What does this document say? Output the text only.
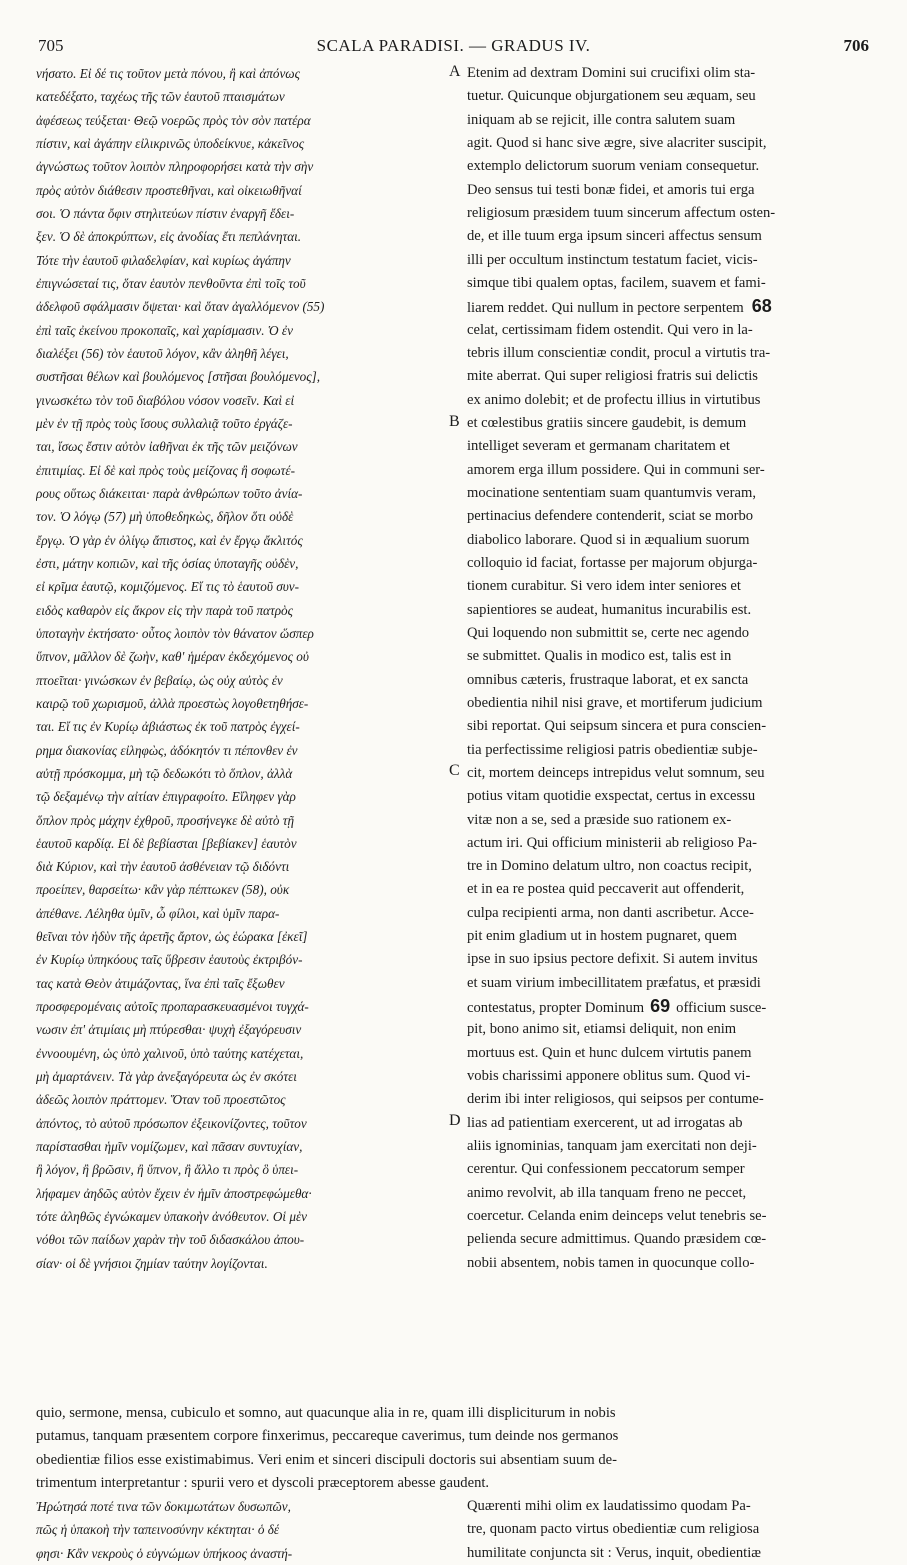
705	SCALA PARADISI. — GRADUS IV.	706
νήσατο. Εἰ δέ τις τοῦτον μετὰ πόνου, ἢ καὶ ἀπόνως
κατεδέξατο, ταχέως τῆς τῶν ἑαυτοῦ πταισμάτων
ἀφέσεως τεύξεται· Θεῷ νοερῶς πρὸς τὸν σὸν πατέρα
πίστιν, καὶ ἀγάπην εἰλικρινῶς ὑποδείκνυε, κἀκεῖνος
ἀγνώστως τοῦτον λοιπὸν πληροφορήσει κατὰ τὴν σὴν
πρὸς αὐτὸν διάθεσιν προστεθῆναι, καὶ οἰκειωθῆναί
σοι. Ὁ πάντα ὄφιν στηλιτεύων πίστιν ἐναργῆ ἔδει-
ξεν. Ὁ δὲ ἀποκρύπτων, εἰς ἀνοδίας ἔτι πεπλάνηται.
Τότε τὴν ἑαυτοῦ φιλαδελφίαν, καὶ κυρίως ἀγάπην
ἐπιγνώσεταί τις, ὅταν ἑαυτὸν πενθοῦντα ἐπὶ τοῖς τοῦ
ἀδελφοῦ σφάλμασιν ὄψεται· καὶ ὅταν ἀγαλλόμενον (55)
ἐπὶ ταῖς ἐκείνου προκοπαῖς, καὶ χαρίσμασιν. Ὁ ἐν
διαλέξει (56) τὸν ἑαυτοῦ λόγον, κἂν ἀληθῆ λέγει,
συστῆσαι θέλων καὶ βουλόμενος [στῆσαι βουλόμενος],
γινωσκέτω τὸν τοῦ διαβόλου νόσον νοσεῖν. Καὶ εἰ
μὲν ἐν τῇ πρὸς τοὺς ἴσους συλλαλιᾷ τοῦτο ἐργάζε-
ται, ἴσως ἔστιν αὐτὸν ἰαθῆναι ἐκ τῆς τῶν μειζόνων
ἐπιτιμίας. Εἰ δὲ καὶ πρὸς τοὺς μείζονας ἢ σοφωτέ-
ρους οὕτως διάκειται· παρὰ ἀνθρώπων τοῦτο ἀνία-
τον. Ὁ λόγῳ (57) μὴ ὑποθεδηκὼς, δῆλον ὅτι οὐδὲ
ἔργῳ. Ὁ γὰρ ἐν ὀλίγῳ ἄπιστος, καὶ ἐν ἔργῳ ἄκλιτός
ἐστι, μάτην κοπιῶν, καὶ τῆς ὁσίας ὑποταγῆς οὐδὲν,
εἰ κρῖμα ἑαυτῷ, κομιζόμενος. Εἴ τις τὸ ἑαυτοῦ συν-
ειδὸς καθαρὸν εἰς ἄκρον εἰς τὴν παρὰ τοῦ πατρὸς
ὑποταγὴν ἐκτήσατο· οὗτος λοιπὸν τὸν θάνατον ὥσπερ
ὕπνον, μᾶλλον δὲ ζωὴν, καθ' ἡμέραν ἐκδεχόμενος οὐ
πτοεῖται· γινώσκων ἐν βεβαίῳ, ὡς οὐχ αὐτὸς ἐν
καιρῷ τοῦ χωρισμοῦ, ἀλλὰ προεστὼς λογοθετηθήσε-
ται. Εἴ τις ἐν Κυρίῳ ἀβιάστως ἐκ τοῦ πατρὸς ἐγχεί-
ρημα διακονίας εἰληφὼς, ἀδόκητόν τι πέπονθεν ἐν
αὐτῇ πρόσκομμα, μὴ τῷ δεδωκότι τὸ ὅπλον, ἀλλὰ
τῷ δεξαμένῳ τὴν αἰτίαν ἐπιγραφοίτο. Εἴληφεν γὰρ
ὅπλον πρὸς μάχην ἐχθροῦ, προσήνεγκε δὲ αὐτὸ τῇ
ἑαυτοῦ καρδίᾳ. Εἰ δὲ βεβίασται [βεβίακεν] ἑαυτὸν
διὰ Κύριον, καὶ τὴν ἑαυτοῦ ἀσθένειαν τῷ διδόντι
προείπεν, θαρσείτω· κἂν γὰρ πέπτωκεν (58), οὐκ
ἀπέθανε. Λέληθα ὑμῖν, ὦ φίλοι, καὶ ὑμῖν παρα-
θεῖναι τὸν ἡδὺν τῆς ἀρετῆς ἄρτον, ὡς ἑώρακα [ἐκεῖ]
ἐν Κυρίῳ ὑπηκόους ταῖς ὕβρεσιν ἑαυτοὺς ἐκτριβόν-
τας κατὰ Θεὸν ἀτιμάζοντας, ἵνα ἐπὶ ταῖς ἔξωθεν
προσφερομέναις αὐτοῖς προπαρασκευασμένοι τυγχά-
νωσιν ἐπ' ἀτιμίαις μὴ πτύρεσθαι· ψυχὴ ἐξαγόρευσιν
ἐννοουμένη, ὡς ὑπὸ χαλινοῦ, ὑπὸ ταύτης κατέχεται,
μὴ ἁμαρτάνειν. Τὰ γὰρ ἀνεξαγόρευτα ὡς ἐν σκότει
ἀδεῶς λοιπὸν πράττομεν. Ὅταν τοῦ προεστῶτος
ἀπόντος, τὸ αὐτοῦ πρόσωπον ἐξεικονίζοντες, τοῦτον
παρίστασθαι ἡμῖν νομίζωμεν, καὶ πᾶσαν συντυχίαν,
ἢ λόγον, ἢ βρῶσιν, ἢ ὕπνον, ἢ ἄλλο τι πρὸς ὃ ὑπει-
λήφαμεν ἀηδῶς αὐτὸν ἔχειν ἐν ἡμῖν ἀποστρεφώμεθα·
τότε ἀληθῶς ἐγνώκαμεν ὑπακοὴν ἀνόθευτον. Οἱ μὲν
νόθοι τῶν παίδων χαρὰν τὴν τοῦ διδασκάλου ἀπου-
σίαν· οἱ δὲ γνήσιοι ζημίαν ταύτην λογίζονται.
Etenim ad dextram Domini sui crucifixi olim sta-
tuetur. Quicunque objurgationem seu æquam, seu
iniquam ab se rejicit, ille contra salutem suam
agit. Quod si hanc sive ægre, sive alacriter suscipit,
extemplo delictorum suorum veniam consequetur.
Deo sensus tui testi bonæ fidei, et amoris tui erga
religiosum præsidem tuum sincerum affectum osten-
de, et ille tuum erga ipsum sinceri affectus sensum
illi per occultum instinctum testatum faciet, vicis-
simque tibi qualem optas, facilem, suavem et fami-
liarem reddet. Qui nullum in pectore serpentem 68
celat, certissimam fidem ostendit. Qui vero in la-
tebris illum conscientiæ condit, procul a virtutis tra-
mite aberrat. Qui super religiosi fratris sui delictis
ex animo dolebit; et de profectu illius in virtutibus
et cœlestibus gratiis sincere gaudebit, is demum
intelliget severam et germanam charitatem et
amorem erga illum possidere. Qui in communi ser-
mocinatione sententiam suam quantumvis veram,
pertinacius defendere contenderit, sciat se morbo
diabolico laborare. Quod si in æqualium suorum
colloquio id faciat, fortasse per majorum objurga-
tionem curabitur. Si vero idem inter seniores et
sapientiores se audeat, humanitus incurabilis est.
Qui loquendo non submittit se, certe nec agendo
se submittet. Qualis in modico est, talis est in
omnibus cæteris, frustraque laborat, et ex sancta
obedientia nihil nisi grave, et mortiferum judicium
sibi reportat. Qui seipsum sincera et pura conscien-
tia perfectissime religiosi patris obedientiæ subje-
cit, mortem deinceps intrepidus velut somnum, seu
potius vitam quotidie exspectat, certus in excessu
vitæ non a se, sed a præside suo rationem ex-
actum iri. Qui officium ministerii ab religioso Pa-
tre in Domino delatum ultro, non coactus recipit,
et in ea re postea quid peccaverit aut offenderit,
culpa recipienti arma, non danti ascribetur. Acce-
pit enim gladium ut in hostem pugnaret, quem
ipse in suo ipsius pectore defixit. Si autem invitus
et suam virium imbecillitatem præfatus, et præsidi
contestatus, propter Dominum 69 officium susce-
pit, bono animo sit, etiamsi deliquit, non enim
mortuus est. Quin et hunc dulcem virtutis panem
vobis charissimi apponere oblitus sum. Quod vi-
derim ibi inter religiosos, qui seipsos per contume-
lias ad patientiam exercerent, ut ad irrogatas ab
aliis ignominias, tanquam jam exercitati non deji-
cerentur. Qui confessionem peccatorum semper
animo revolvit, ab illa tanquam freno ne peccet,
coercetur. Celanda enim deinceps velut tenebris se-
pelienda secure admittimus. Quando præsidem cœ-
nobii absentem, nobis tamen in quocunque collo-
A
B
C
D
quio, sermone, mensa, cubiculo et somno, aut quacunque alia in re, quam illi displiciturum in nobis
putamus, tanquam præsentem corpore finxerimus, peccareque caverimus, tum deinde nos germanos
obedientiæ filios esse existimabimus. Veri enim et sinceri discipuli doctoris sui absentiam suum de-
trimentum interpretantur : spurii vero et dyscoli præceptorem abesse gaudent.
Ἠρώτησά ποτέ τινα τῶν δοκιμωτάτων δυσωπῶν,
πῶς ἡ ὑπακοὴ τὴν ταπεινοσύνην κέκτηται· ὁ δέ
φησι· Κἂν νεκροὺς ὁ εὐγνώμων ὑπήκοος ἀναστή-
Quærenti mihi olim ex laudatissimo quodam Pa-
tre, quonam pacto virtus obedientiæ cum religiosa
humilitate conjuncta sit : Verus, inquit, obedientiæ
